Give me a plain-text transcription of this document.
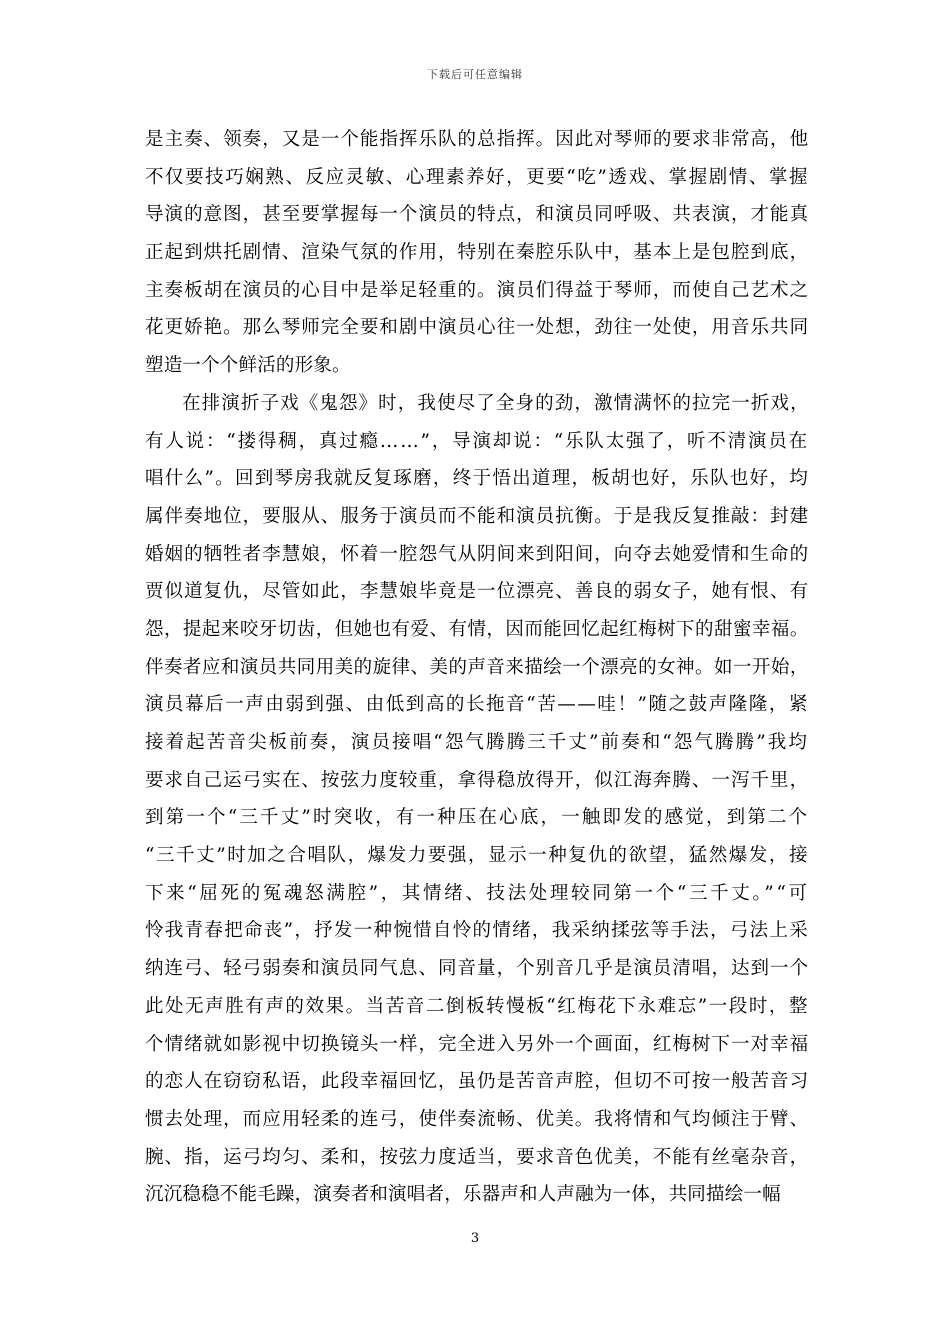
下载后可任意编辑
是主奏、领奏，又是一个能指挥乐队的总指挥。因此对琴师的要求非常高，他
不仅要技巧娴熟、反应灵敏、心理素养好，更要“吃”透戏、掌握剧情、掌握
导演的意图，甚至要掌握每一个演员的特点，和演员同呼吸、共表演，才能真
正起到烘托剧情、渲染气氛的作用，特别在秦腔乐队中，基本上是包腔到底，
主奏板胡在演员的心目中是举足轻重的。演员们得益于琴师，而使自己艺术之
花更娇艳。那么琴师完全要和剧中演员心往一处想，劲往一处使，用音乐共同
塑造一个个鲜活的形象。
在排演折子戏《鬼怨》时，我使尽了全身的劲，激情满怀的拉完一折戏，
有人说：“搂得稠，真过瘾……”，导演却说：“乐队太强了，听不清演员在
唱什么”。回到琴房我就反复琢磨，终于悟出道理，板胡也好，乐队也好，均
属伴奏地位，要服从、服务于演员而不能和演员抗衡。于是我反复推敲：封建
婚姻的牺牲者李慧娘，怀着一腔怨气从阴间来到阳间，向夺去她爱情和生命的
贾似道复仇，尽管如此，李慧娘毕竟是一位漂亮、善良的弱女子，她有恨、有
怨，提起来咬牙切齿，但她也有爱、有情，因而能回忆起红梅树下的甜蜜幸福。
伴奏者应和演员共同用美的旋律、美的声音来描绘一个漂亮的女神。如一开始，
演员幕后一声由弱到强、由低到高的长拖音“苦——哇！”随之鼓声隆隆，紧
接着起苦音尖板前奏，演员接唱“怨气腾腾三千丈”前奏和“怨气腾腾”我均
要求自己运弓实在、按弦力度较重，拿得稳放得开，似江海奔腾、一泻千里，
到第一个“三千丈”时突收，有一种压在心底，一触即发的感觉，到第二个
“三千丈”时加之合唱队，爆发力要强，显示一种复仇的欲望，猛然爆发，接
下来“屈死的冤魂怒满腔”，其情绪、技法处理较同第一个“三千丈。”“可
怜我青春把命丧”，抒发一种惋惜自怜的情绪，我采纳揉弦等手法，弓法上采
纳连弓、轻弓弱奏和演员同气息、同音量，个别音几乎是演员清唱，达到一个
此处无声胜有声的效果。当苦音二倒板转慢板“红梅花下永难忘”一段时，整
个情绪就如影视中切换镜头一样，完全进入另外一个画面，红梅树下一对幸福
的恋人在窃窃私语，此段幸福回忆，虽仍是苦音声腔，但切不可按一般苦音习
惯去处理，而应用轻柔的连弓，使伴奏流畅、优美。我将情和气均倾注于臂、
腕、指，运弓均匀、柔和，按弦力度适当，要求音色优美，不能有丝毫杂音，
沉沉稳稳不能毛躁，演奏者和演唱者，乐器声和人声融为一体，共同描绘一幅
3
